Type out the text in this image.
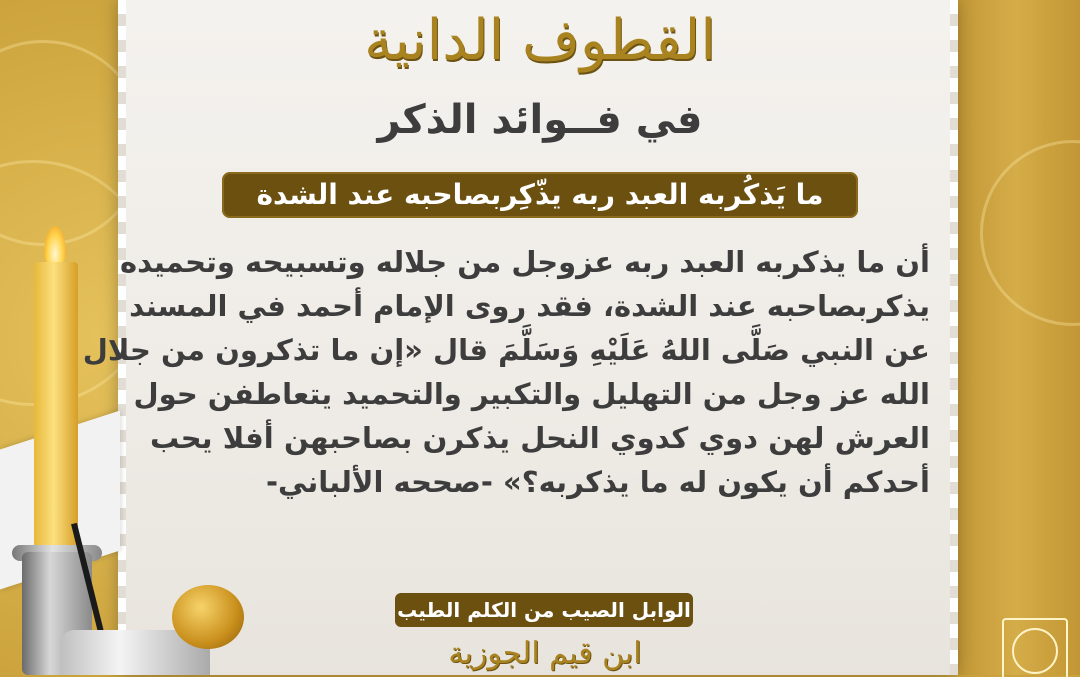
القطوف الدانية
في فــوائد الذكر
ما يَذكُربه العبد ربه يذّكِربصاحبه عند الشدة
أن ما يذكربه العبد ربه عزوجل من جلاله وتسبيحه وتحميده
يذكربصاحبه عند الشدة، فقد روى الإمام أحمد في المسند
عن النبي صَلَّى اللهُ عَلَيْهِ وَسَلَّمَ قال «إن ما تذكرون من جلال
الله عز وجل من التهليل والتكبير والتحميد يتعاطفن حول
العرش لهن دوي كدوي النحل يذكرن بصاحبهن أفلا يحب
أحدكم أن يكون له ما يذكربه؟» -صححه الألباني-
الوابل الصيب من الكلم الطيب
ابن قيم الجوزية
